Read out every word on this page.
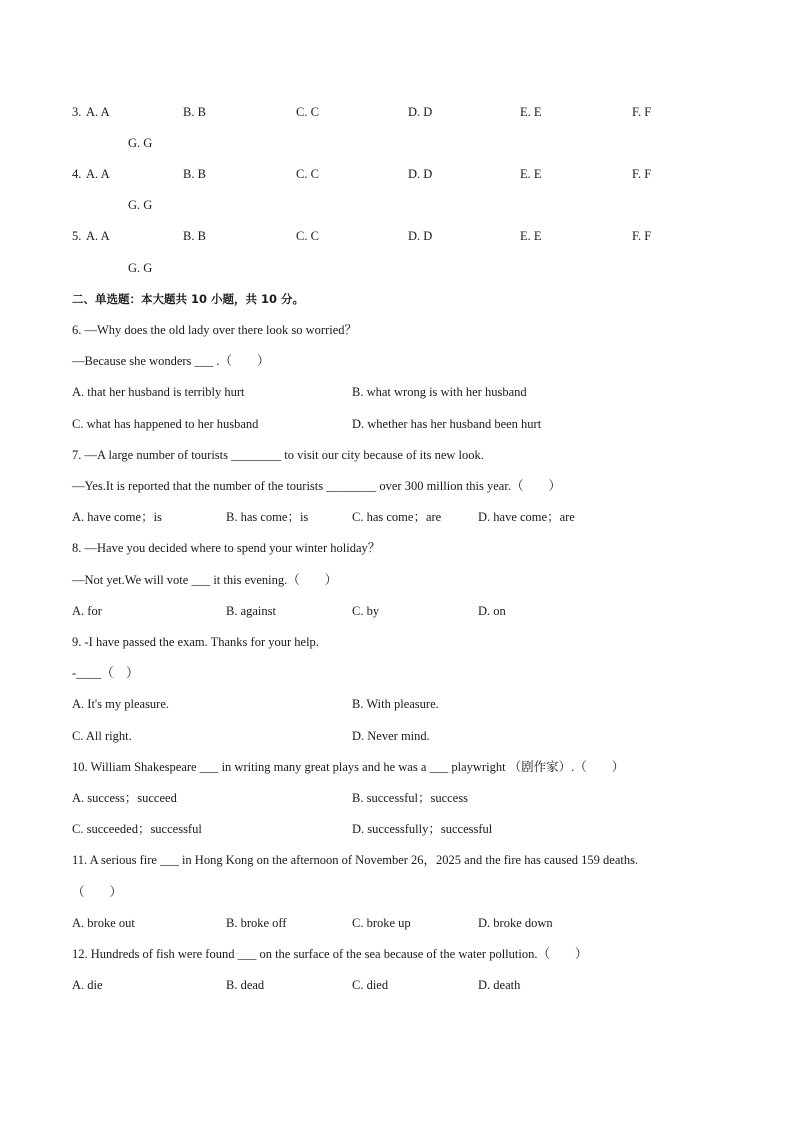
3. A. A	B. B	C. C	D. D	E. E	F. F
G. G
4. A. A	B. B	C. C	D. D	E. E	F. F
G. G
5. A. A	B. B	C. C	D. D	E. E	F. F
G. G
二、单选题：本大题共 10 小题，共 10 分。
6. —Why does the old lady over there look so worried？
—Because she wonders ___ .（　　）
A. that her husband is terribly hurt	B. what wrong is with her husband
C. what has happened to her husband	D. whether has her husband been hurt
7. —A large number of tourists ________ to visit our city because of its new look.
—Yes.It is reported that the number of the tourists ________ over 300 million this year.（　　）
A. have come；is	B. has come；is	C. has come；are	D. have come；are
8. —Have you decided where to spend your winter holiday？
—Not yet.We will vote ___ it this evening.（　　）
A. for	B. against	C. by	D. on
9. -I have passed the exam. Thanks for your help.
-____（　）
A. It's my pleasure.	B. With pleasure.
C. All right.	D. Never mind.
10. William Shakespeare ___ in writing many great plays and he was a ___ playwright （剧作家）.（　　）
A. success；succeed	B. successful；success
C. succeeded；successful	D. successfully；successful
11. A serious fire ___ in Hong Kong on the afternoon of November 26，2025 and the fire has caused 159 deaths.
（　　）
A. broke out	B. broke off	C. broke up	D. broke down
12. Hundreds of fish were found ___ on the surface of the sea because of the water pollution.（　　）
A. die	B. dead	C. died	D. death
